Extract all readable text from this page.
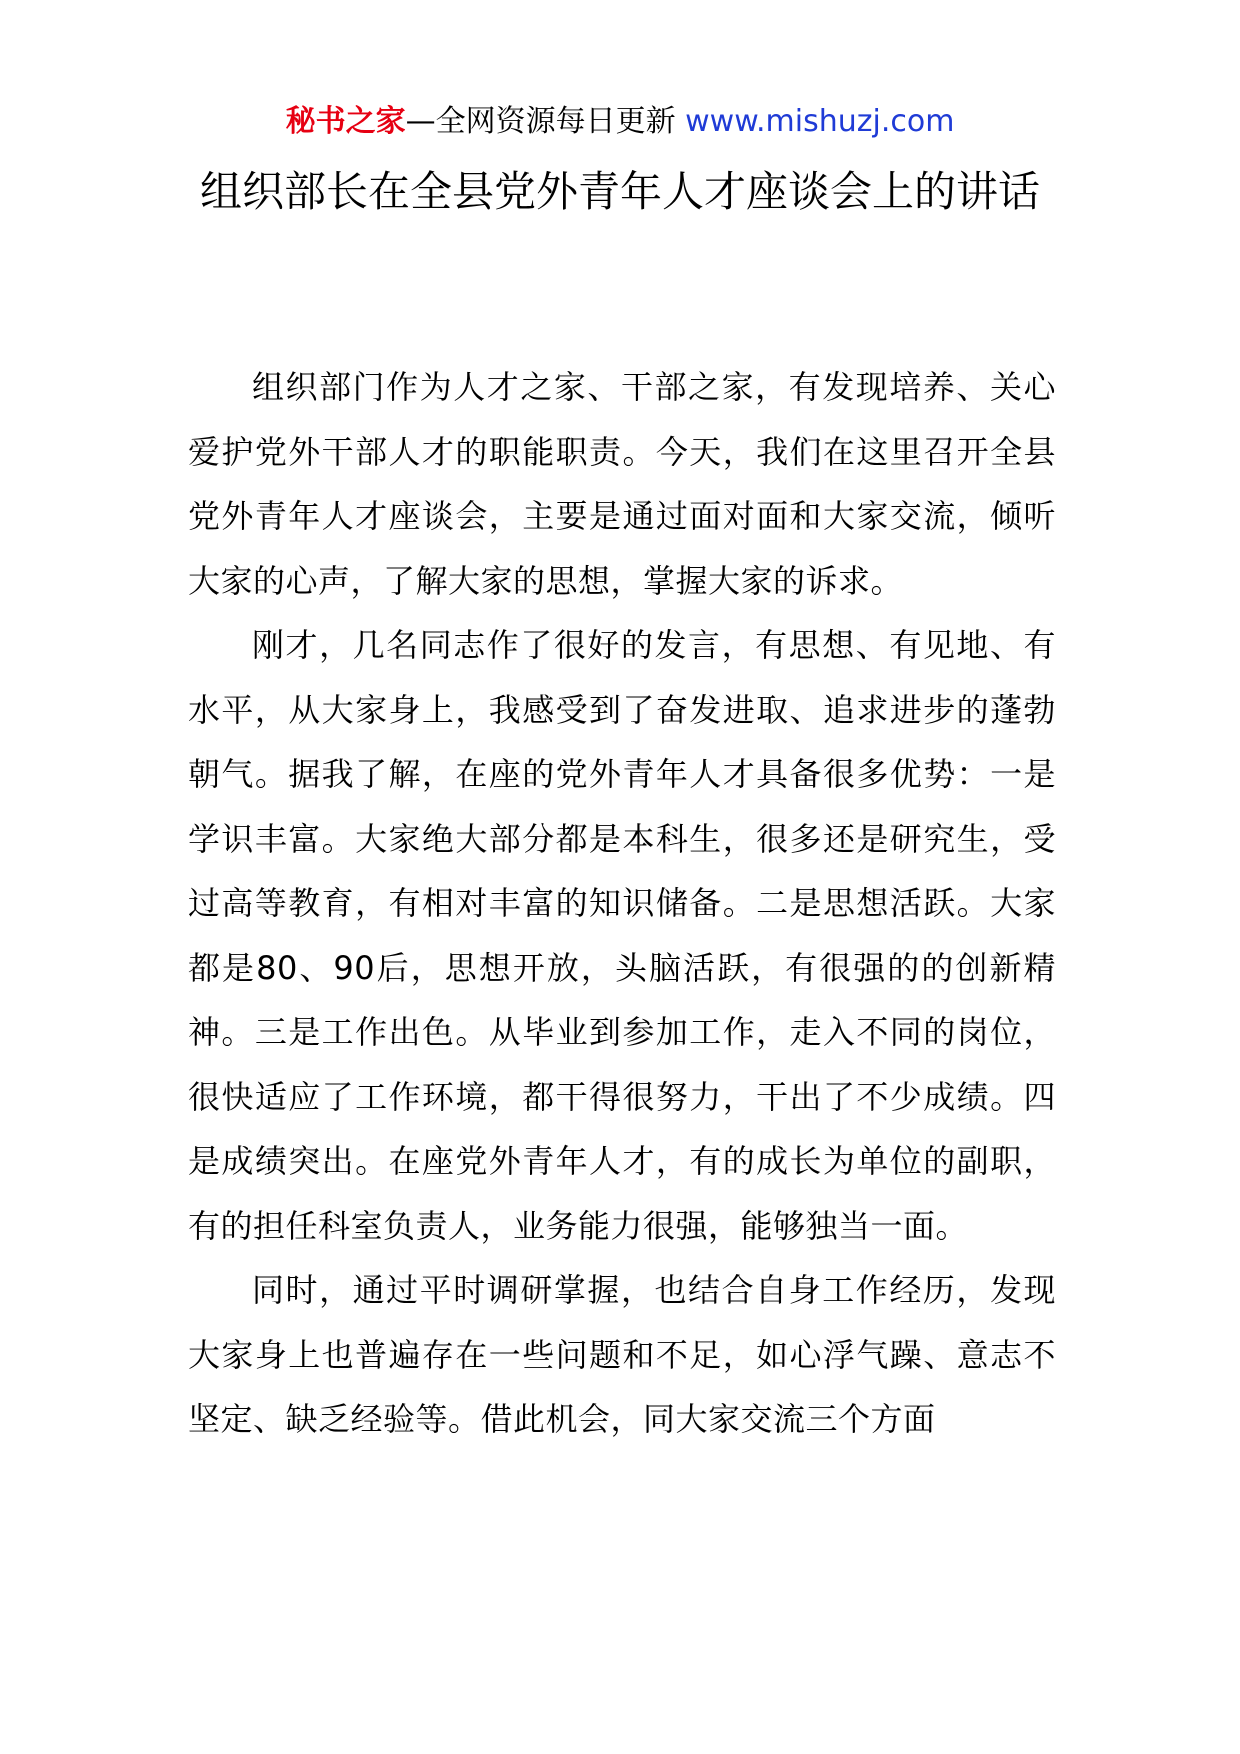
秘书之家—全网资源每日更新 www.mishuzj.com
组织部长在全县党外青年人才座谈会上的讲话

组织部门作为人才之家、干部之家，有发现培养、关心爱护党外干部人才的职能职责。今天，我们在这里召开全县党外青年人才座谈会，主要是通过面对面和大家交流，倾听大家的心声，了解大家的思想，掌握大家的诉求。

刚才，几名同志作了很好的发言，有思想、有见地、有水平，从大家身上，我感受到了奋发进取、追求进步的蓬勃朝气。据我了解，在座的党外青年人才具备很多优势：一是学识丰富。大家绝大部分都是本科生，很多还是研究生，受过高等教育，有相对丰富的知识储备。二是思想活跃。大家都是80、90后，思想开放，头脑活跃，有很强的的创新精神。三是工作出色。从毕业到参加工作，走入不同的岗位，很快适应了工作环境，都干得很努力，干出了不少成绩。四是成绩突出。在座党外青年人才，有的成长为单位的副职，有的担任科室负责人，业务能力很强，能够独当一面。

同时，通过平时调研掌握，也结合自身工作经历，发现大家身上也普遍存在一些问题和不足，如心浮气躁、意志不坚定、缺乏经验等。借此机会，同大家交流三个方面
